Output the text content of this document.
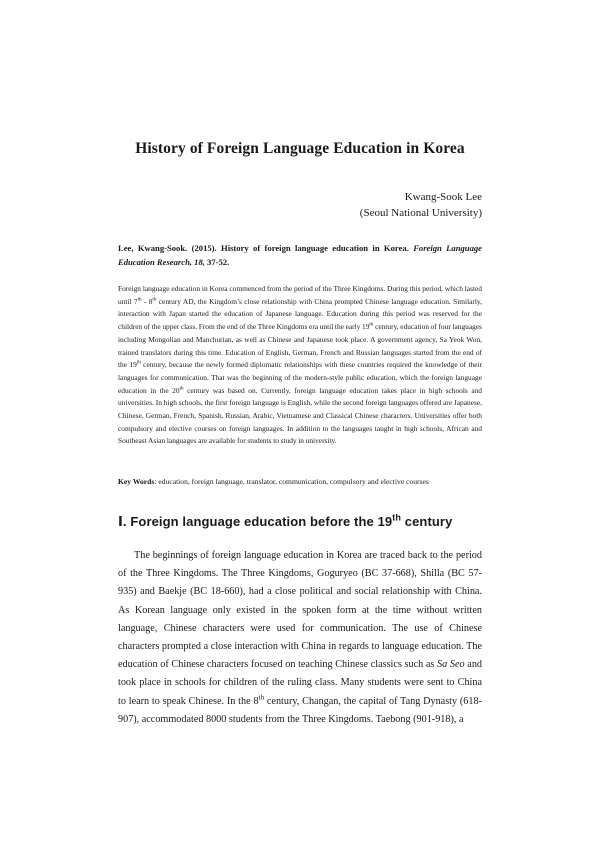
History of Foreign Language Education in Korea
Kwang-Sook Lee
(Seoul National University)
Lee, Kwang-Sook. (2015). History of foreign language education in Korea. Foreign Language Education Research, 18, 37-52.
Foreign language education in Korea commenced from the period of the Three Kingdoms. During this period, which lasted until 7th - 8th century AD, the Kingdom’s close relationship with China prompted Chinese language education. Similarly, interaction with Japan started the education of Japanese language. Education during this period was reserved for the children of the upper class. From the end of the Three Kingdoms era until the early 19th century, education of four languages including Mongolian and Manchurian, as well as Chinese and Japanese took place. A government agency, Sa Yeok Won, trained translators during this time. Education of English, German, French and Russian languages started from the end of the 19th century, because the newly formed diplomatic relationships with these countries required the knowledge of their languages for communication. That was the beginning of the modern-style public education, which the foreign language education in the 20th century was based on. Currently, foreign language education takes place in high schools and universities. In high schools, the first foreign language is English, while the second foreign languages offered are Japanese, Chinese, German, French, Spanish, Russian, Arabic, Vietnamese and Classical Chinese characters. Universities offer both compulsory and elective courses on foreign languages. In addition to the languages taught in high schools, African and Southeast Asian languages are available for students to study in university.
Key Words: education, foreign language, translator, communication, compulsory and elective courses
Ⅰ. Foreign language education before the 19th century
The beginnings of foreign language education in Korea are traced back to the period of the Three Kingdoms. The Three Kingdoms, Goguryeo (BC 37-668), Shilla (BC 57-935) and Baekje (BC 18-660), had a close political and social relationship with China. As Korean language only existed in the spoken form at the time without written language, Chinese characters were used for communication. The use of Chinese characters prompted a close interaction with China in regards to language education. The education of Chinese characters focused on teaching Chinese classics such as Sa Seo and took place in schools for children of the ruling class. Many students were sent to China to learn to speak Chinese. In the 8th century, Changan, the capital of Tang Dynasty (618-907), accommodated 8000 students from the Three Kingdoms. Taebong (901-918), a
